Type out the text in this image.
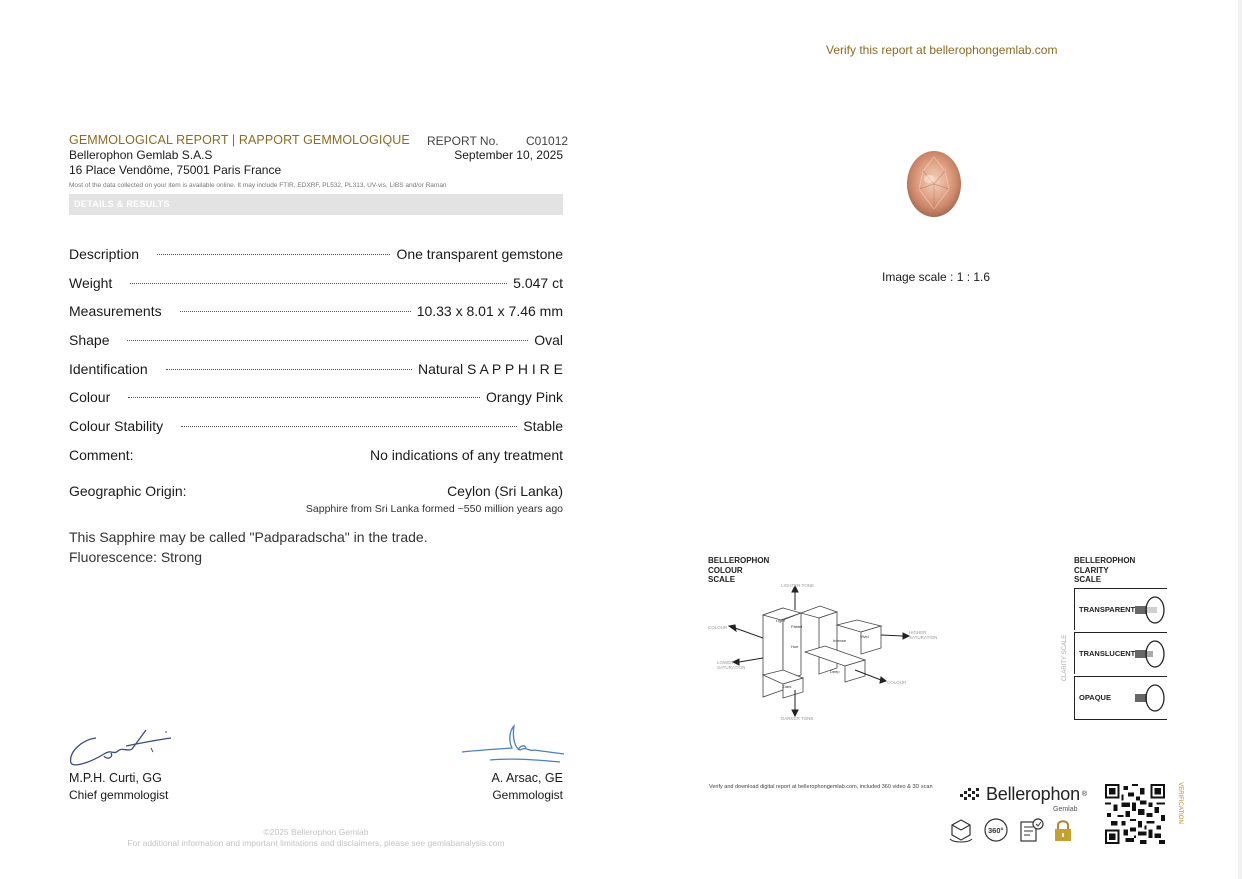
Verify this report at bellerophongemlab.com
GEMMOLOGICAL REPORT | RAPPORT GEMMOLOGIQUE
Bellerophon Gemlab S.A.S
16 Place Vendôme, 75001 Paris France
REPORT No. C01012
September 10, 2025
Most of the data collected on your item is available online. It may include FTIR, EDXRF, PL532, PL313, UV-vis, LIBS and/or Raman
DETAILS & RESULTS
Description	One transparent gemstone
Weight	5.047 ct
Measurements	10.33 x 8.01 x 7.46 mm
Shape	Oval
Identification	Natural S A P P H I R E
Colour	Orangy Pink
Colour Stability	Stable
Comment:	No indications of any treatment
Geographic Origin:	Ceylon (Sri Lanka)
Sapphire from Sri Lanka formed ~550 million years ago
This Sapphire may be called "Padparadscha" in the trade.
Fluorescence: Strong
M.P.H. Curti, GG
Chief gemmologist
A. Arsac, GE
Gemmologist
©2025 Bellerophon Gemlab
For additional information and important limitations and disclaimers, please see gemlabanalysis.com
Image scale : 1 : 1.6
BELLEROPHON
COLOUR
SCALE
LIGHTER TONE
DARKER TONE
COLOUR
COLOUR
HIGHER
SATURATION
LOWER
SATURATION
Light
Pastel
Hue
Intense
Vivid
Dark
Deep
BELLEROPHON
CLARITY
SCALE
CLARITY SCALE
TRANSPARENT
TRANSLUCENT
OPAQUE
Verify and download digital report at bellerophongemlab.com, included 360 video & 3D scan	Bellerophon ®
Gemlab
360°
VERIFICATION
